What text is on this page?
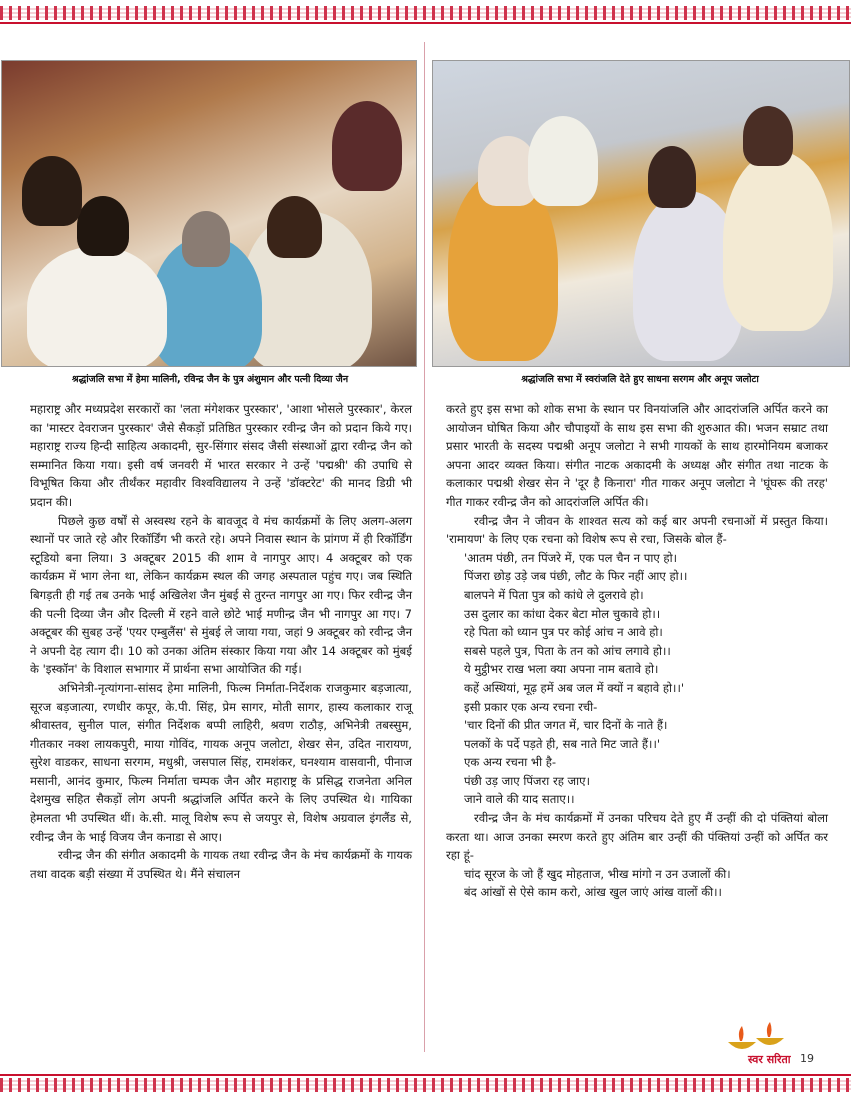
श्रद्धांजलि सभा में हेमा मालिनी, रविन्द्र जैन के पुत्र अंशुमान और पत्नी दिव्या जैन	श्रद्धांजलि सभा में स्वरांजलि देते हुए साधना सरगम और अनूप जलोटा

महाराष्ट्र और मध्यप्रदेश सरकारों का 'लता मंगेशकर पुरस्कार', 'आशा भोसले पुरस्कार', केरल का 'मास्टर देवराजन पुरस्कार' जैसे सैकड़ों प्रतिष्ठित पुरस्कार रवीन्द्र जैन को प्रदान किये गए। महाराष्ट्र राज्य हिन्दी साहित्य अकादमी, सुर-सिंगार संसद जैसी संस्थाओं द्वारा रवीन्द्र जैन को सम्मानित किया गया। इसी वर्ष जनवरी में भारत सरकार ने उन्हें 'पद्मश्री' की उपाधि से विभूषित किया और तीर्थंकर महावीर विश्वविद्यालय ने उन्हें 'डॉक्टरेट' की मानद डिग्री भी प्रदान की।

पिछले कुछ वर्षों से अस्वस्थ रहने के बावजूद वे मंच कार्यक्रमों के लिए अलग-अलग स्थानों पर जाते रहे और रिकॉर्डिंग भी करते रहे। अपने निवास स्थान के प्रांगण में ही रिकॉर्डिंग स्टूडियो बना लिया। 3 अक्टूबर 2015 की शाम वे नागपुर आए। 4 अक्टूबर को एक कार्यक्रम में भाग लेना था, लेकिन कार्यक्रम स्थल की जगह अस्पताल पहुंच गए। जब स्थिति बिगड़ती ही गई तब उनके भाई अखिलेश जैन मुंबई से तुरन्त नागपुर आ गए। फिर रवीन्द्र जैन की पत्नी दिव्या जैन और दिल्ली में रहने वाले छोटे भाई मणीन्द्र जैन भी नागपुर आ गए। 7 अक्टूबर की सुबह उन्हें 'एयर एम्बुलैंस' से मुंबई ले जाया गया, जहां 9 अक्टूबर को रवीन्द्र जैन ने अपनी देह त्याग दी। 10 को उनका अंतिम संस्कार किया गया और 14 अक्टूबर को मुंबई के 'इस्कॉन' के विशाल सभागार में प्रार्थना सभा आयोजित की गई।

अभिनेत्री-नृत्यांगना-सांसद हेमा मालिनी, फिल्म निर्माता-निर्देशक राजकुमार बड़जात्या, सूरज बड़जात्या, रणधीर कपूर, के.पी. सिंह, प्रेम सागर, मोती सागर, हास्य कलाकार राजू श्रीवास्तव, सुनील पाल, संगीत निर्देशक बप्पी लाहिरी, श्रवण राठौड़, अभिनेत्री तबस्सुम, गीतकार नक्श लायकपुरी, माया गोविंद, गायक अनूप जलोटा, शेखर सेन, उदित नारायण, सुरेश वाडकर, साधना सरगम, मधुश्री, जसपाल सिंह, रामशंकर, घनश्याम वासवानी, पीनाज मसानी, आनंद कुमार, फिल्म निर्माता चम्पक जैन और महाराष्ट्र के प्रसिद्ध राजनेता अनिल देशमुख सहित सैकड़ों लोग अपनी श्रद्धांजलि अर्पित करने के लिए उपस्थित थे। गायिका हेमलता भी उपस्थित थीं। के.सी. मालू विशेष रूप से जयपुर से, विशेष अग्रवाल इंगलैंड से, रवीन्द्र जैन के भाई विजय जैन कनाडा से आए।

रवीन्द्र जैन की संगीत अकादमी के गायक तथा रवीन्द्र जैन के मंच कार्यक्रमों के गायक तथा वादक बड़ी संख्या में उपस्थित थे। मैंने संचालन

करते हुए इस सभा को शोक सभा के स्थान पर विनयांजलि और आदरांजलि अर्पित करने का आयोजन घोषित किया और चौपाइयों के साथ इस सभा की शुरुआत की। भजन सम्राट तथा प्रसार भारती के सदस्य पद्मश्री अनूप जलोटा ने सभी गायकों के साथ हारमोनियम बजाकर अपना आदर व्यक्त किया। संगीत नाटक अकादमी के अध्यक्ष और संगीत तथा नाटक के कलाकार पद्मश्री शेखर सेन ने 'दूर है किनारा' गीत गाकर अनूप जलोटा ने 'घूंघरू की तरह' गीत गाकर रवीन्द्र जैन को आदरांजलि अर्पित की।

रवीन्द्र जैन ने जीवन के शाश्वत सत्य को कई बार अपनी रचनाओं में प्रस्तुत किया। 'रामायण' के लिए एक रचना को विशेष रूप से रचा, जिसके बोल हैं-

'आतम पंछी, तन पिंजरे में, एक पल चैन न पाए हो।

पिंजरा छोड़ उड़े जब पंछी, लौट के फिर नहीं आए हो।।

बालपने में पिता पुत्र को कांधे ले दुलरावे हो।

उस दुलार का कांधा देकर बेटा मोल चुकावे हो।।

रहे पिता को ध्यान पुत्र पर कोई आंच न आवे हो।

सबसे पहले पुत्र, पिता के तन को आंच लगावे हो।।

ये मुट्ठीभर राख भला क्या अपना नाम बतावे हो।

कहें अस्थियां, मूढ़ हमें अब जल में क्यों न बहावे हो।।'

इसी प्रकार एक अन्य रचना रची-

'चार दिनों की प्रीत जगत में, चार दिनों के नाते हैं।

पलकों के पर्दे पड़ते ही, सब नाते मिट जाते हैं।।'

एक अन्य रचना भी है-

पंछी उड़ जाए पिंजरा रह जाए।

जाने वाले की याद सताए।।

रवीन्द्र जैन के मंच कार्यक्रमों में उनका परिचय देते हुए मैं उन्हीं की दो पंक्तियां बोला करता था। आज उनका स्मरण करते हुए अंतिम बार उन्हीं की पंक्तियां उन्हीं को अर्पित कर रहा हूं-

चांद सूरज के जो हैं खुद मोहताज, भीख मांगो न उन उजालों की।

बंद आंखों से ऐसे काम करो, आंख खुल जाएं आंख वालों की।।

स्वर सरिता 19
